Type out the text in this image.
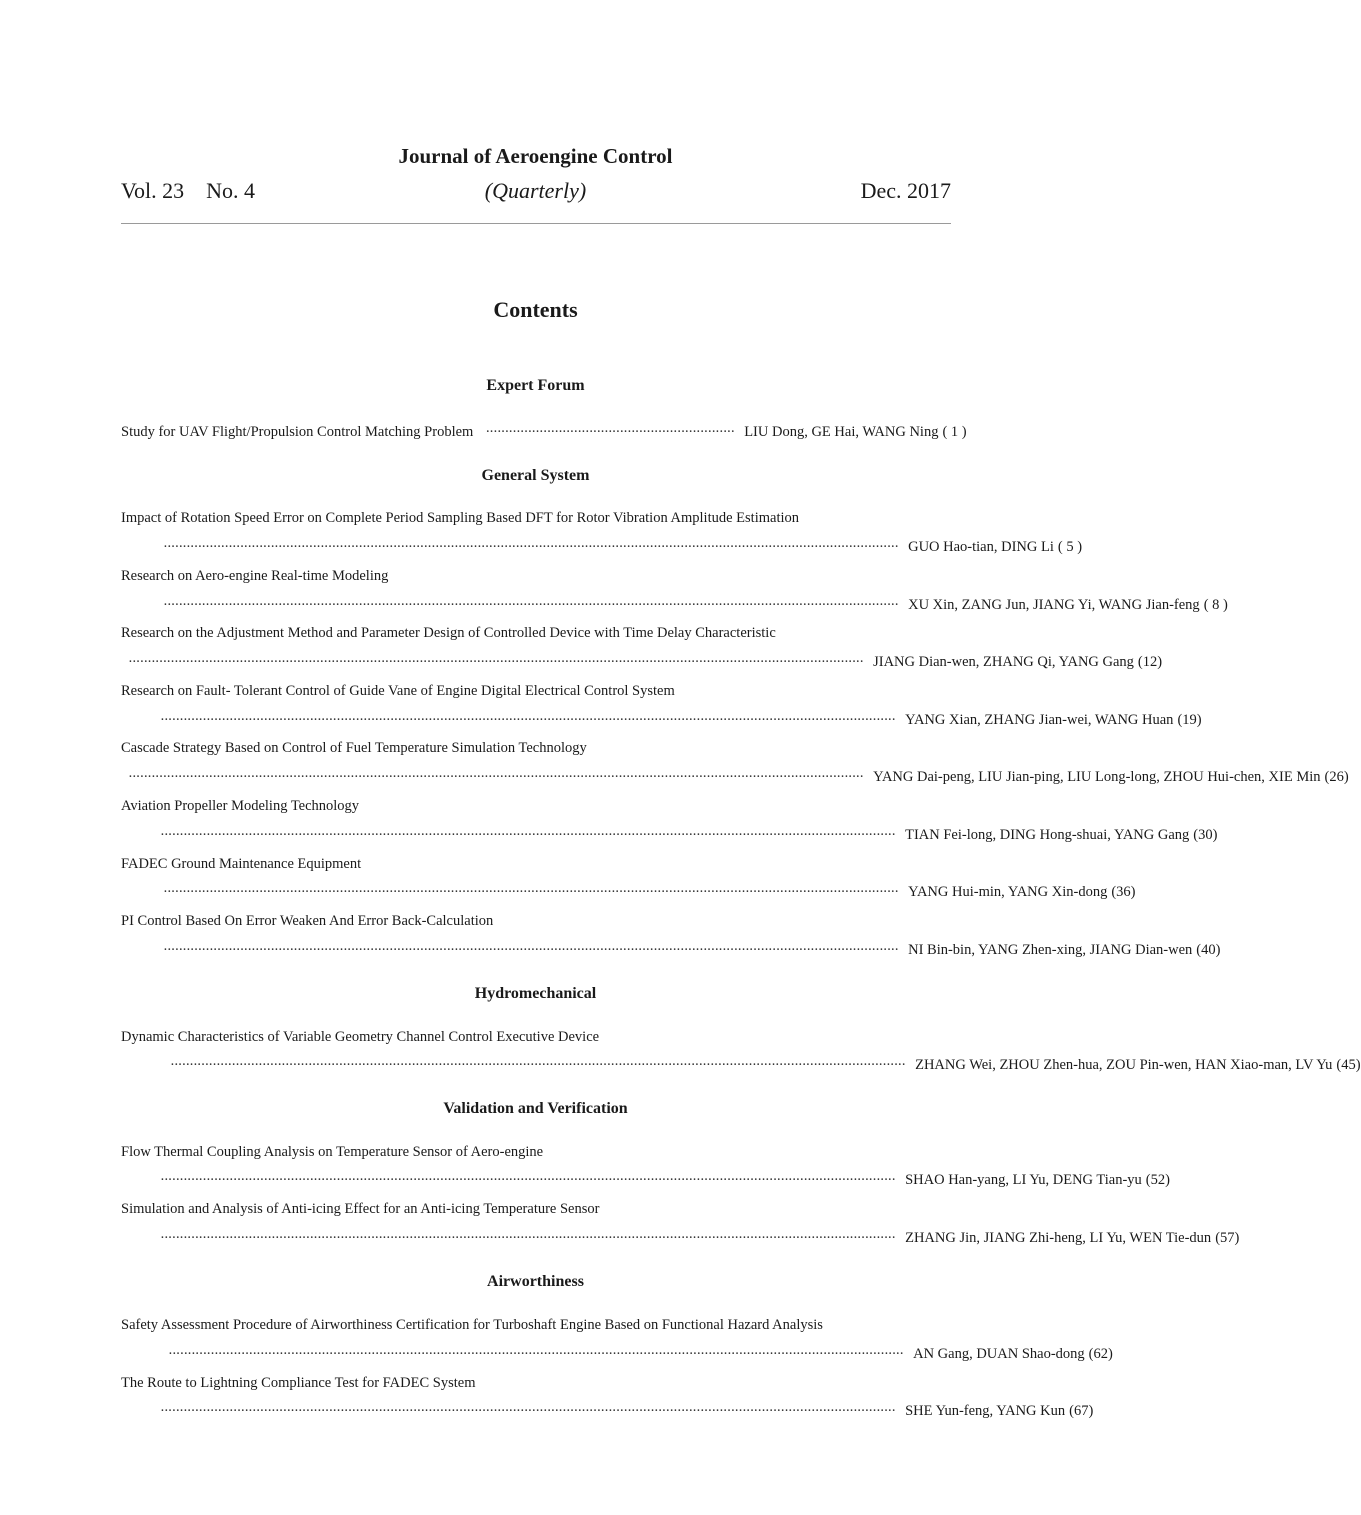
Journal of Aeroengine Control
Vol. 23 No. 4	(Quarterly)	Dec. 2017
Contents
Expert Forum
Study for UAV Flight/Propulsion Control Matching Problem ································································· LIU Dong, GE Hai, WANG Ning ( 1 )
General System
Impact of Rotation Speed Error on Complete Period Sampling Based DFT for Rotor Vibration Amplitude Estimation
································································································································································································ GUO Hao-tian, DING Li ( 5 )
Research on Aero-engine Real-time Modeling
································································································································································································ XU Xin, ZANG Jun, JIANG Yi, WANG Jian-feng ( 8 )
Research on the Adjustment Method and Parameter Design of Controlled Device with Time Delay Characteristic
································································································································································································ JIANG Dian-wen, ZHANG Qi, YANG Gang (12)
Research on Fault- Tolerant Control of Guide Vane of Engine Digital Electrical Control System
································································································································································································ YANG Xian, ZHANG Jian-wei, WANG Huan (19)
Cascade Strategy Based on Control of Fuel Temperature Simulation Technology
································································································································································································ YANG Dai-peng, LIU Jian-ping, LIU Long-long, ZHOU Hui-chen, XIE Min (26)
Aviation Propeller Modeling Technology
································································································································································································ TIAN Fei-long, DING Hong-shuai, YANG Gang (30)
FADEC Ground Maintenance Equipment
································································································································································································ YANG Hui-min, YANG Xin-dong (36)
PI Control Based On Error Weaken And Error Back-Calculation
································································································································································································ NI Bin-bin, YANG Zhen-xing, JIANG Dian-wen (40)
Hydromechanical
Dynamic Characteristics of Variable Geometry Channel Control Executive Device
································································································································································································ ZHANG Wei, ZHOU Zhen-hua, ZOU Pin-wen, HAN Xiao-man, LV Yu (45)
Validation and Verification
Flow Thermal Coupling Analysis on Temperature Sensor of Aero-engine
································································································································································································ SHAO Han-yang, LI Yu, DENG Tian-yu (52)
Simulation and Analysis of Anti-icing Effect for an Anti-icing Temperature Sensor
································································································································································································ ZHANG Jin, JIANG Zhi-heng, LI Yu, WEN Tie-dun (57)
Airworthiness
Safety Assessment Procedure of Airworthiness Certification for Turboshaft Engine Based on Functional Hazard Analysis
································································································································································································ AN Gang, DUAN Shao-dong (62)
The Route to Lightning Compliance Test for FADEC System
································································································································································································ SHE Yun-feng, YANG Kun (67)
